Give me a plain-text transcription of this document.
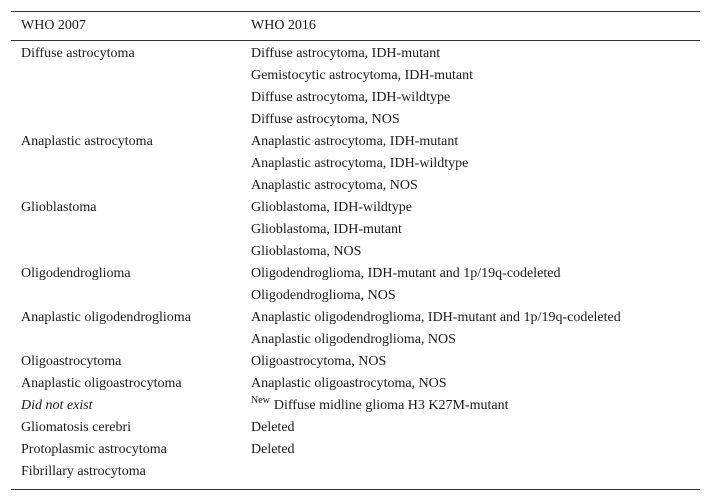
WHO 2007	WHO 2016
Diffuse astrocytoma	Diffuse astrocytoma, IDH-mutant
Gemistocytic astrocytoma, IDH-mutant
Diffuse astrocytoma, IDH-wildtype
Diffuse astrocytoma, NOS
Anaplastic astrocytoma	Anaplastic astrocytoma, IDH-mutant
Anaplastic astrocytoma, IDH-wildtype
Anaplastic astrocytoma, NOS
Glioblastoma	Glioblastoma, IDH-wildtype
Glioblastoma, IDH-mutant
Glioblastoma, NOS
Oligodendroglioma	Oligodendroglioma, IDH-mutant and 1p/19q-codeleted
Oligodendroglioma, NOS
Anaplastic oligodendroglioma	Anaplastic oligodendroglioma, IDH-mutant and 1p/19q-codeleted
Anaplastic oligodendroglioma, NOS
Oligoastrocytoma	Oligoastrocytoma, NOS
Anaplastic oligoastrocytoma	Anaplastic oligoastrocytoma, NOS
Did not exist	$^{New}$ Diffuse midline glioma H3 K27M-mutant
Gliomatosis cerebri	Deleted
Protoplasmic astrocytoma	Deleted
Fibrillary astrocytoma
